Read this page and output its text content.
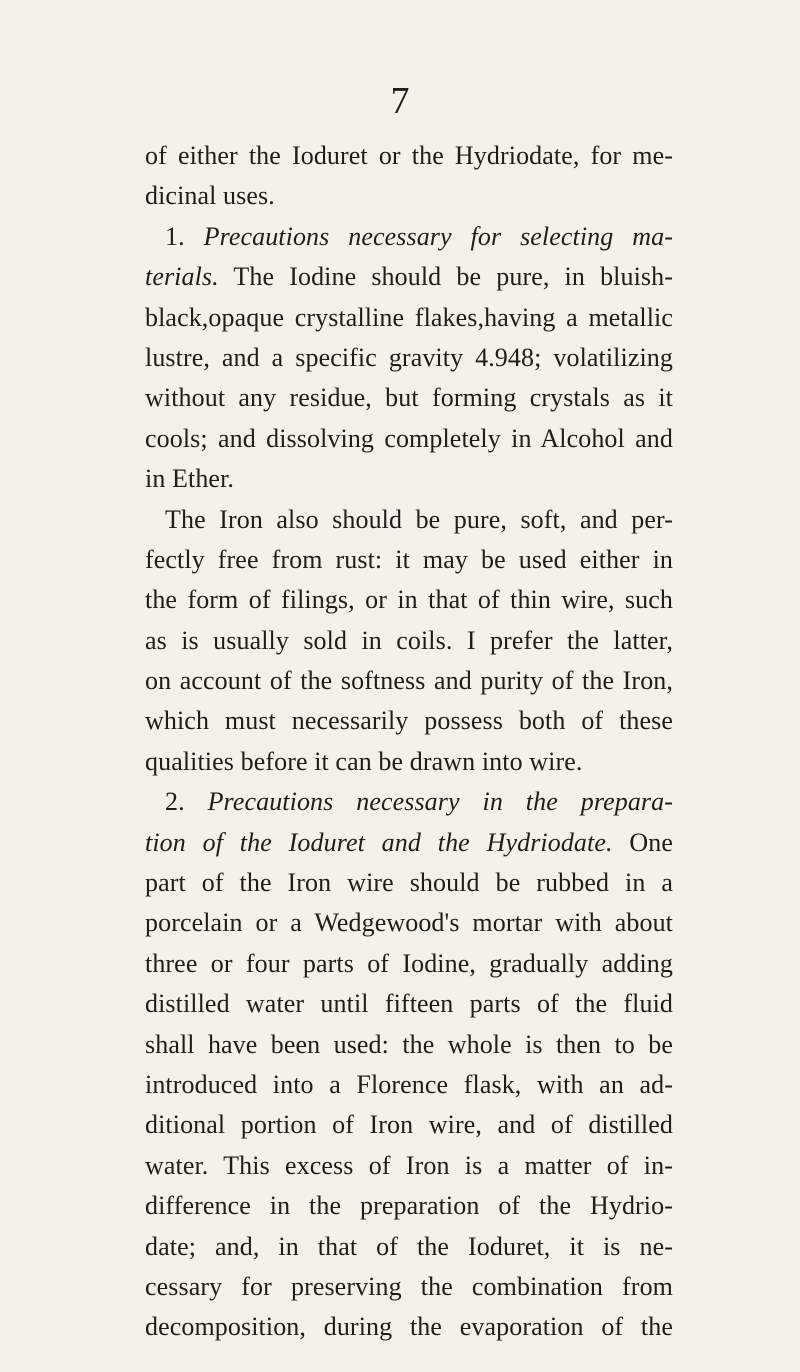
7
of either the Ioduret or the Hydriodate, for me-
dicinal uses.
1. Precautions necessary for selecting ma-
terials. The Iodine should be pure, in bluish-
black,opaque crystalline flakes,having a metallic
lustre, and a specific gravity 4.948; volatilizing
without any residue, but forming crystals as it
cools; and dissolving completely in Alcohol and
in Ether.
The Iron also should be pure, soft, and per-
fectly free from rust: it may be used either in
the form of filings, or in that of thin wire, such
as is usually sold in coils. I prefer the latter,
on account of the softness and purity of the Iron,
which must necessarily possess both of these
qualities before it can be drawn into wire.
2. Precautions necessary in the prepara-
tion of the Ioduret and the Hydriodate. One
part of the Iron wire should be rubbed in a
porcelain or a Wedgewood's mortar with about
three or four parts of Iodine, gradually adding
distilled water until fifteen parts of the fluid
shall have been used: the whole is then to be
introduced into a Florence flask, with an ad-
ditional portion of Iron wire, and of distilled
water. This excess of Iron is a matter of in-
difference in the preparation of the Hydrio-
date; and, in that of the Ioduret, it is ne-
cessary for preserving the combination from
decomposition, during the evaporation of the
